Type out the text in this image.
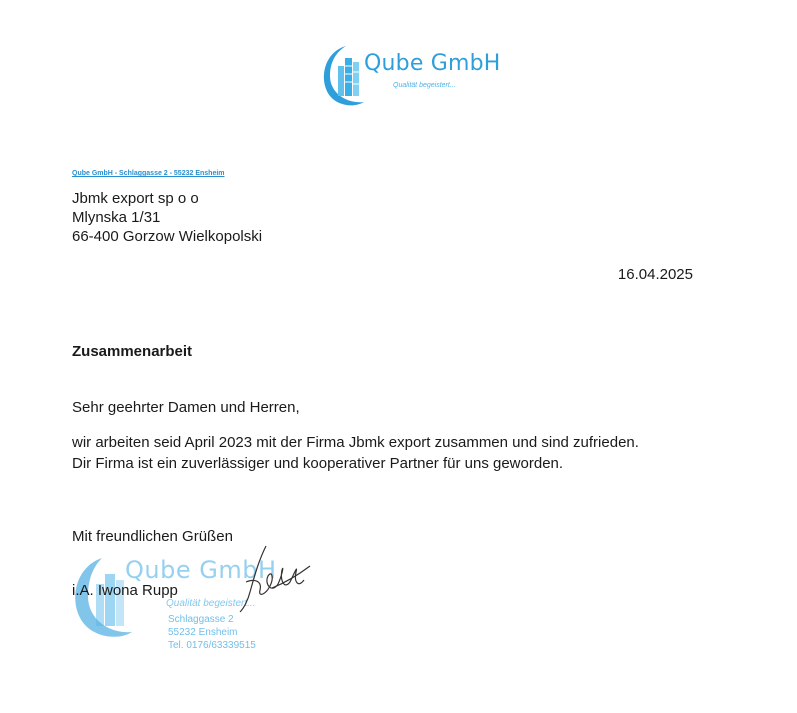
Qube GmbH
Qualität begeistert...
Qube GmbH - Schlaggasse 2 - 55232 Ensheim
Jbmk export sp o o
Mlynska 1/31
66-400 Gorzow Wielkopolski
16.04.2025
Zusammenarbeit
Sehr geehrter Damen und Herren,
wir arbeiten seid April 2023 mit der Firma Jbmk export zusammen und sind zufrieden.
Dir Firma ist ein zuverlässiger und kooperativer Partner für uns geworden.
Mit freundlichen Grüßen
Qube GmbH
Qualität begeistert...
Schlaggasse 2
55232 Ensheim
Tel. 0176/63339515
i.A. Iwona Rupp
